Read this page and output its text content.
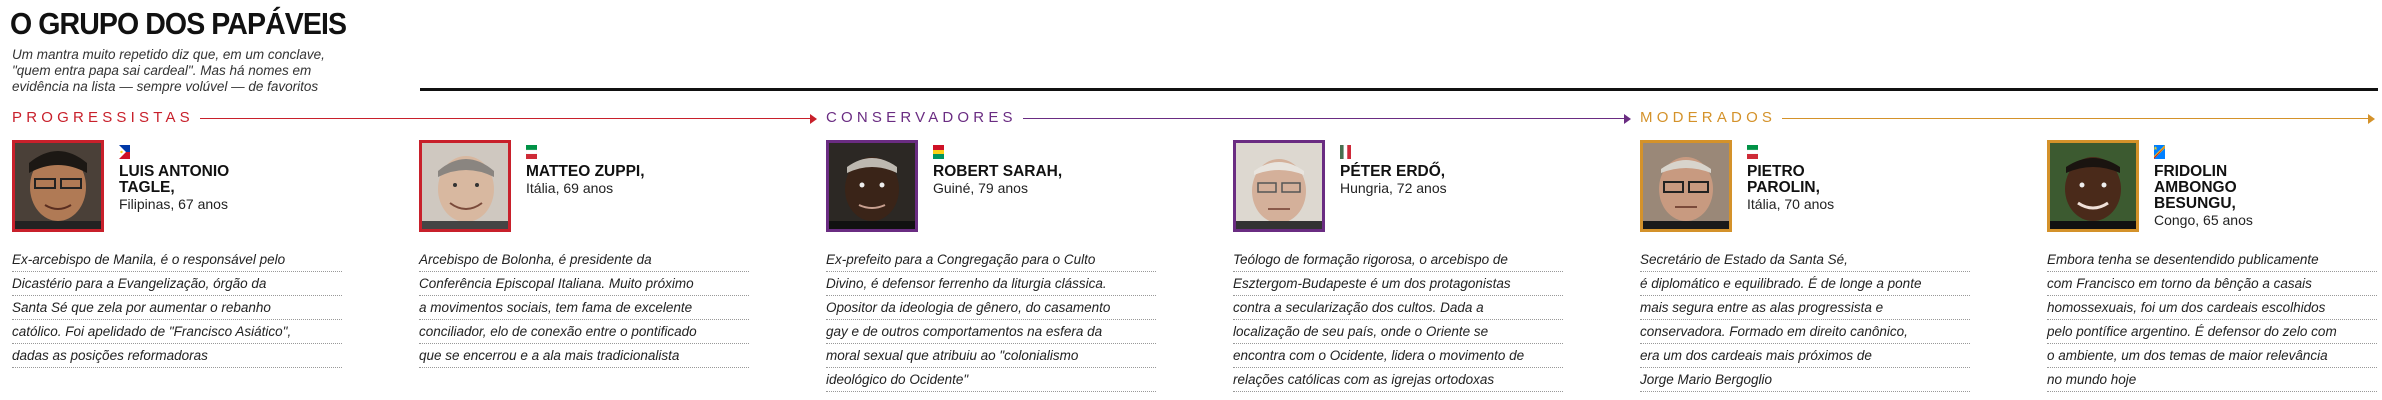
O GRUPO DOS PAPÁVEIS
Um mantra muito repetido diz que, em um conclave,
"quem entra papa sai cardeal". Mas há nomes em
evidência na lista — sempre volúvel — de favoritos
PROGRESSISTAS	CONSERVADORES	MODERADOS
LUIS ANTONIO
TAGLE,
Filipinas, 67 anos
Ex-arcebispo de Manila, é o responsável pelo
Dicastério para a Evangelização, órgão da
Santa Sé que zela por aumentar o rebanho
católico. Foi apelidado de "Francisco Asiático",
dadas as posições reformadoras
MATTEO ZUPPI,
Itália, 69 anos
Arcebispo de Bolonha, é presidente da
Conferência Episcopal Italiana. Muito próximo
a movimentos sociais, tem fama de excelente
conciliador, elo de conexão entre o pontificado
que se encerrou e a ala mais tradicionalista
ROBERT SARAH,
Guiné, 79 anos
Ex-prefeito para a Congregação para o Culto
Divino, é defensor ferrenho da liturgia clássica.
Opositor da ideologia de gênero, do casamento
gay e de outros comportamentos na esfera da
moral sexual que atribuiu ao "colonialismo
ideológico do Ocidente"
PÉTER ERDŐ,
Hungria, 72 anos
Teólogo de formação rigorosa, o arcebispo de
Esztergom-Budapeste é um dos protagonistas
contra a secularização dos cultos. Dada a
localização de seu país, onde o Oriente se
encontra com o Ocidente, lidera o movimento de
relações católicas com as igrejas ortodoxas
PIETRO
PAROLIN,
Itália, 70 anos
Secretário de Estado da Santa Sé,
é diplomático e equilibrado. É de longe a ponte
mais segura entre as alas progressista e
conservadora. Formado em direito canônico,
era um dos cardeais mais próximos de
Jorge Mario Bergoglio
FRIDOLIN
AMBONGO
BESUNGU,
Congo, 65 anos
Embora tenha se desentendido publicamente
com Francisco em torno da bênção a casais
homossexuais, foi um dos cardeais escolhidos
pelo pontífice argentino. É defensor do zelo com
o ambiente, um dos temas de maior relevância
no mundo hoje
